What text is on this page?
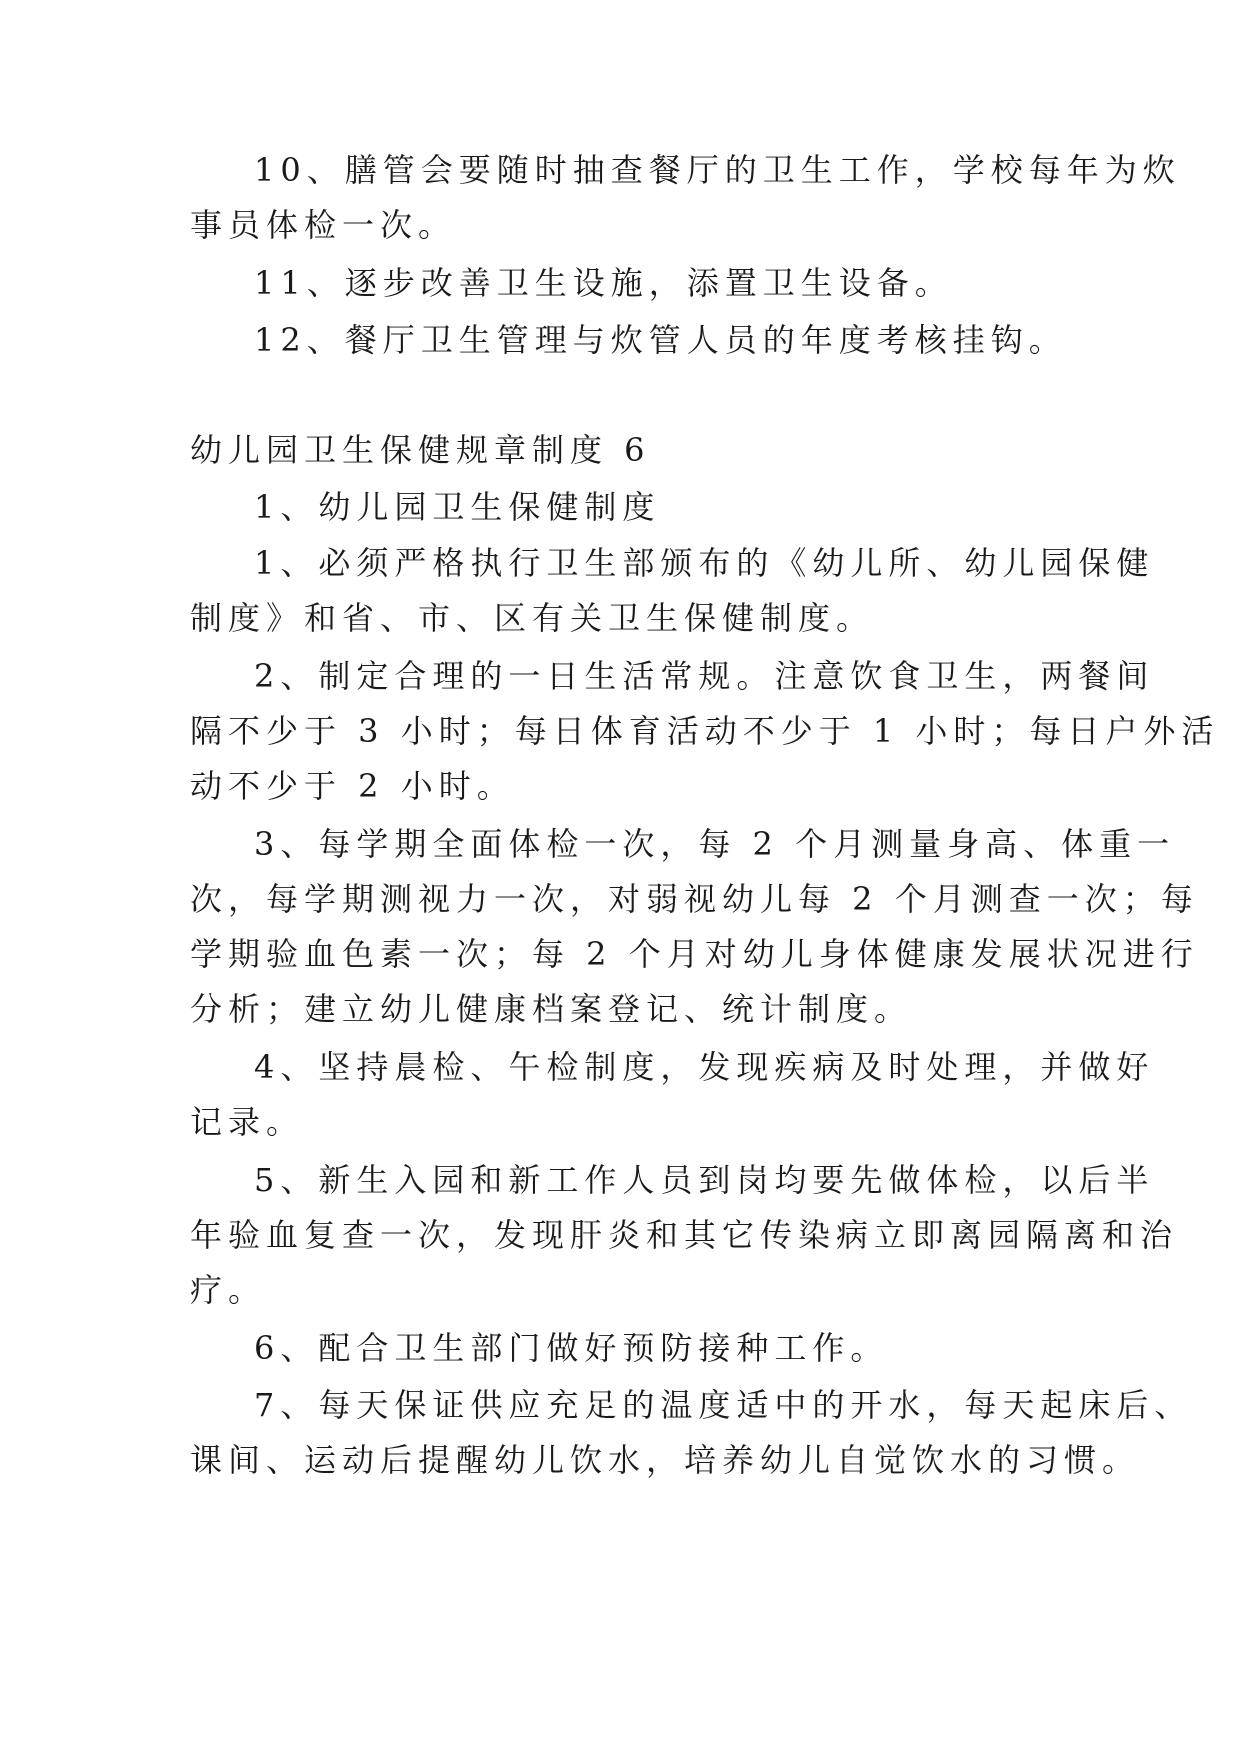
10、膳管会要随时抽查餐厅的卫生工作，学校每年为炊
事员体检一次。
11、逐步改善卫生设施，添置卫生设备。
12、餐厅卫生管理与炊管人员的年度考核挂钩。
幼儿园卫生保健规章制度 6
1、幼儿园卫生保健制度
1、必须严格执行卫生部颁布的《幼儿所、幼儿园保健
制度》和省、市、区有关卫生保健制度。
2、制定合理的一日生活常规。注意饮食卫生，两餐间
隔不少于 3 小时；每日体育活动不少于 1 小时；每日户外活
动不少于 2 小时。
3、每学期全面体检一次，每 2 个月测量身高、体重一
次，每学期测视力一次，对弱视幼儿每 2 个月测查一次；每
学期验血色素一次；每 2 个月对幼儿身体健康发展状况进行
分析；建立幼儿健康档案登记、统计制度。
4、坚持晨检、午检制度，发现疾病及时处理，并做好
记录。
5、新生入园和新工作人员到岗均要先做体检，以后半
年验血复查一次，发现肝炎和其它传染病立即离园隔离和治
疗。
6、配合卫生部门做好预防接种工作。
7、每天保证供应充足的温度适中的开水，每天起床后、
课间、运动后提醒幼儿饮水，培养幼儿自觉饮水的习惯。
